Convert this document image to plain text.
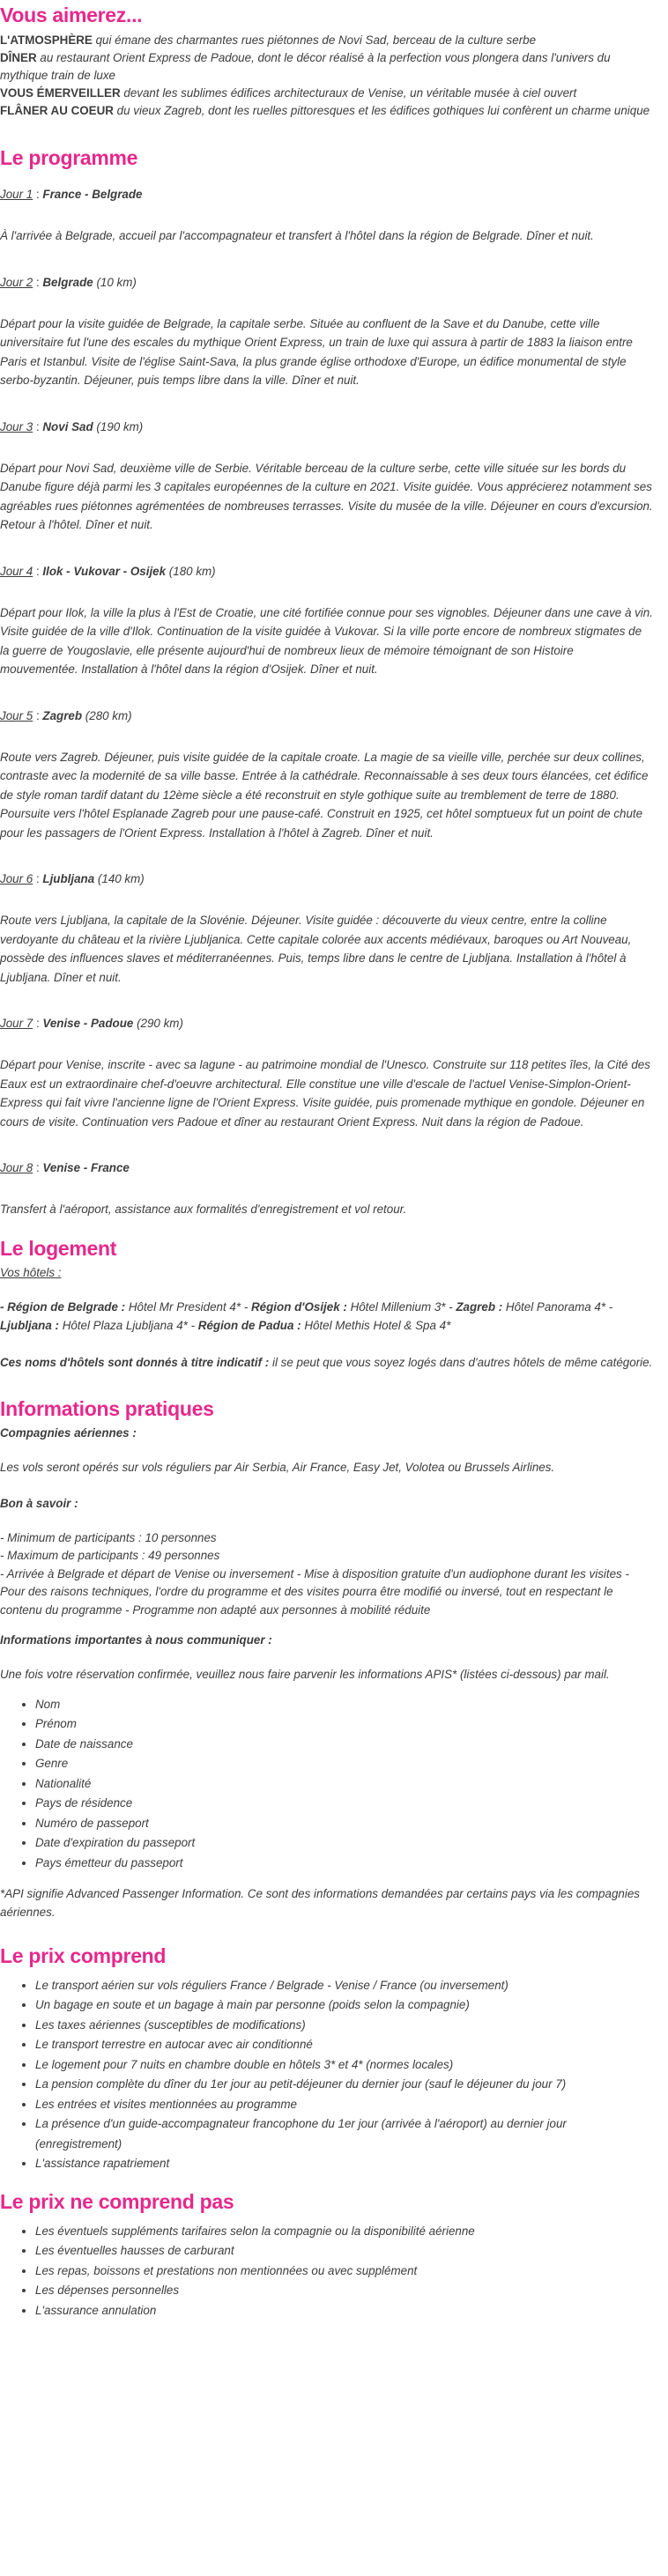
Vous aimerez...
L'ATMOSPHÈRE qui émane des charmantes rues piétonnes de Novi Sad, berceau de la culture serbe
DÎNER au restaurant Orient Express de Padoue, dont le décor réalisé à la perfection vous plongera dans l'univers du mythique train de luxe
VOUS ÉMERVEILLER devant les sublimes édifices architecturaux de Venise, un véritable musée à ciel ouvert
FLÂNER AU COEUR du vieux Zagreb, dont les ruelles pittoresques et les édifices gothiques lui confèrent un charme unique
Le programme

Jour 1 : France - Belgrade

À l'arrivée à Belgrade, accueil par l'accompagnateur et transfert à l'hôtel dans la région de Belgrade. Dîner et nuit.

Jour 2 : Belgrade (10 km)

Départ pour la visite guidée de Belgrade, la capitale serbe. Située au confluent de la Save et du Danube, cette ville universitaire fut l'une des escales du mythique Orient Express, un train de luxe qui assura à partir de 1883 la liaison entre Paris et Istanbul. Visite de l'église Saint-Sava, la plus grande église orthodoxe d'Europe, un édifice monumental de style serbo-byzantin. Déjeuner, puis temps libre dans la ville. Dîner et nuit.

Jour 3 : Novi Sad (190 km)

Départ pour Novi Sad, deuxième ville de Serbie. Véritable berceau de la culture serbe, cette ville située sur les bords du Danube figure déjà parmi les 3 capitales européennes de la culture en 2021. Visite guidée. Vous apprécierez notamment ses agréables rues piétonnes agrémentées de nombreuses terrasses. Visite du musée de la ville. Déjeuner en cours d'excursion. Retour à l'hôtel. Dîner et nuit.

Jour 4 : Ilok - Vukovar - Osijek (180 km)

Départ pour Ilok, la ville la plus à l'Est de Croatie, une cité fortifiée connue pour ses vignobles. Déjeuner dans une cave à vin. Visite guidée de la ville d'Ilok. Continuation de la visite guidée à Vukovar. Si la ville porte encore de nombreux stigmates de la guerre de Yougoslavie, elle présente aujourd'hui de nombreux lieux de mémoire témoignant de son Histoire mouvementée. Installation à l'hôtel dans la région d'Osijek. Dîner et nuit.

Jour 5 : Zagreb (280 km)

Route vers Zagreb. Déjeuner, puis visite guidée de la capitale croate. La magie de sa vieille ville, perchée sur deux collines, contraste avec la modernité de sa ville basse. Entrée à la cathédrale. Reconnaissable à ses deux tours élancées, cet édifice de style roman tardif datant du 12ème siècle a été reconstruit en style gothique suite au tremblement de terre de 1880. Poursuite vers l'hôtel Esplanade Zagreb pour une pause-café. Construit en 1925, cet hôtel somptueux fut un point de chute pour les passagers de l'Orient Express. Installation à l'hôtel à Zagreb. Dîner et nuit.

Jour 6 : Ljubljana (140 km)

Route vers Ljubljana, la capitale de la Slovénie. Déjeuner. Visite guidée : découverte du vieux centre, entre la colline verdoyante du château et la rivière Ljubljanica. Cette capitale colorée aux accents médiévaux, baroques ou Art Nouveau, possède des influences slaves et méditerranéennes. Puis, temps libre dans le centre de Ljubljana. Installation à l'hôtel à Ljubljana. Dîner et nuit.

Jour 7 : Venise - Padoue (290 km)

Départ pour Venise, inscrite - avec sa lagune - au patrimoine mondial de l'Unesco. Construite sur 118 petites îles, la Cité des Eaux est un extraordinaire chef-d'oeuvre architectural. Elle constitue une ville d'escale de l'actuel Venise-Simplon-Orient-Express qui fait vivre l'ancienne ligne de l'Orient Express. Visite guidée, puis promenade mythique en gondole. Déjeuner en cours de visite. Continuation vers Padoue et dîner au restaurant Orient Express. Nuit dans la région de Padoue.

Jour 8 : Venise - France

Transfert à l'aéroport, assistance aux formalités d'enregistrement et vol retour.

Le logement

Vos hôtels :

- Région de Belgrade : Hôtel Mr President 4* - Région d'Osijek : Hôtel Millenium 3* - Zagreb : Hôtel Panorama 4* - Ljubljana : Hôtel Plaza Ljubljana 4* - Région de Padua : Hôtel Methis Hotel & Spa 4*

Ces noms d'hôtels sont donnés à titre indicatif : il se peut que vous soyez logés dans d'autres hôtels de même catégorie.

Informations pratiques

Compagnies aériennes :

Les vols seront opérés sur vols réguliers par Air Serbia, Air France, Easy Jet, Volotea ou Brussels Airlines.

Bon à savoir :

- Minimum de participants : 10 personnes

- Maximum de participants : 49 personnes

- Arrivée à Belgrade et départ de Venise ou inversement - Mise à disposition gratuite d'un audiophone durant les visites - Pour des raisons techniques, l'ordre du programme et des visites pourra être modifié ou inversé, tout en respectant le contenu du programme - Programme non adapté aux personnes à mobilité réduite

Informations importantes à nous communiquer :

Une fois votre réservation confirmée, veuillez nous faire parvenir les informations APIS* (listées ci-dessous) par mail.

• Nom
• Prénom
• Date de naissance
• Genre
• Nationalité
• Pays de résidence
• Numéro de passeport
• Date d'expiration du passeport
• Pays émetteur du passeport

*API signifie Advanced Passenger Information. Ce sont des informations demandées par certains pays via les compagnies aériennes.

Le prix comprend
• Le transport aérien sur vols réguliers France / Belgrade - Venise / France (ou inversement)
• Un bagage en soute et un bagage à main par personne (poids selon la compagnie)
• Les taxes aériennes (susceptibles de modifications)
• Le transport terrestre en autocar avec air conditionné
• Le logement pour 7 nuits en chambre double en hôtels 3* et 4* (normes locales)
• La pension complète du dîner du 1er jour au petit-déjeuner du dernier jour (sauf le déjeuner du jour 7)
• Les entrées et visites mentionnées au programme
• La présence d'un guide-accompagnateur francophone du 1er jour (arrivée à l'aéroport) au dernier jour (enregistrement)
• L'assistance rapatriement
Le prix ne comprend pas
• Les éventuels suppléments tarifaires selon la compagnie ou la disponibilité aérienne
• Les éventuelles hausses de carburant
• Les repas, boissons et prestations non mentionnées ou avec supplément
• Les dépenses personnelles
• L'assurance annulation
